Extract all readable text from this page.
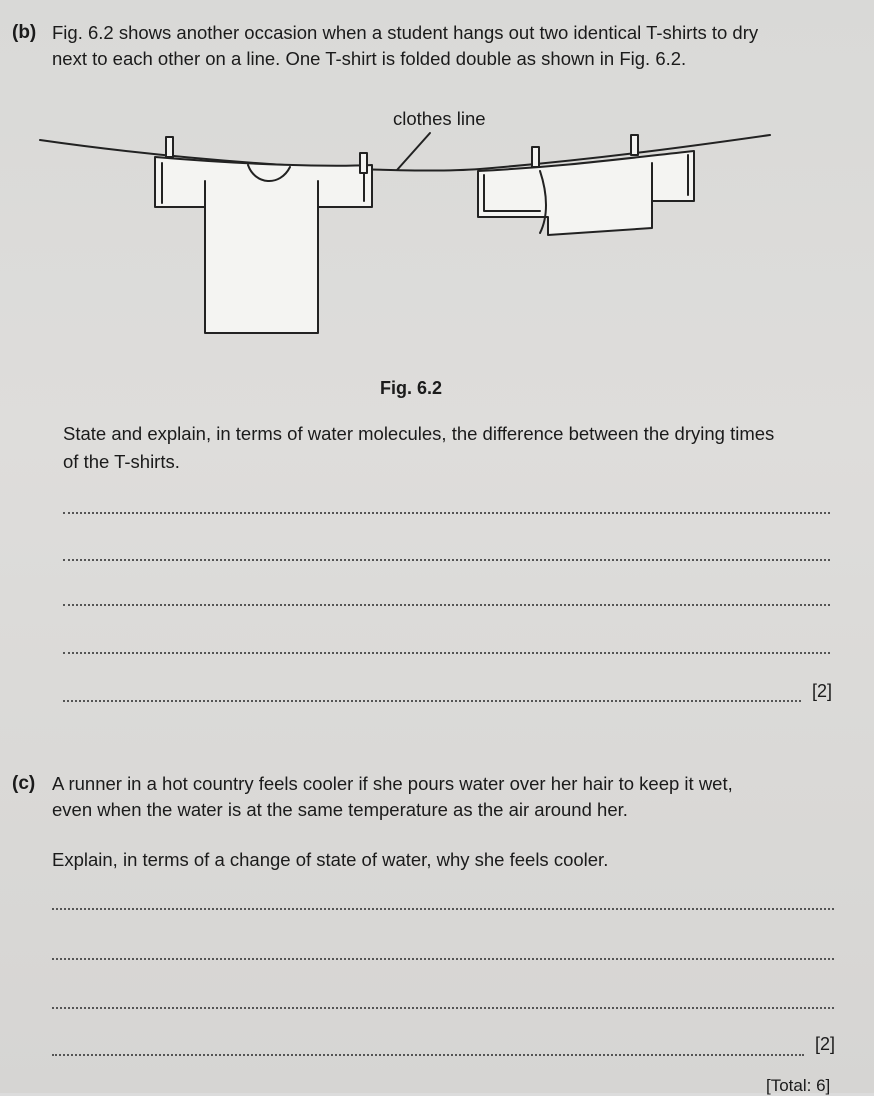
(b) Fig. 6.2 shows another occasion when a student hangs out two identical T-shirts to dry
next to each other on a line. One T-shirt is folded double as shown in Fig. 6.2.
clothes line
Fig. 6.2
State and explain, in terms of water molecules, the difference between the drying times
of the T-shirts.
[2]
(c) A runner in a hot country feels cooler if she pours water over her hair to keep it wet,
even when the water is at the same temperature as the air around her.
Explain, in terms of a change of state of water, why she feels cooler.
[2]
[Total: 6]
